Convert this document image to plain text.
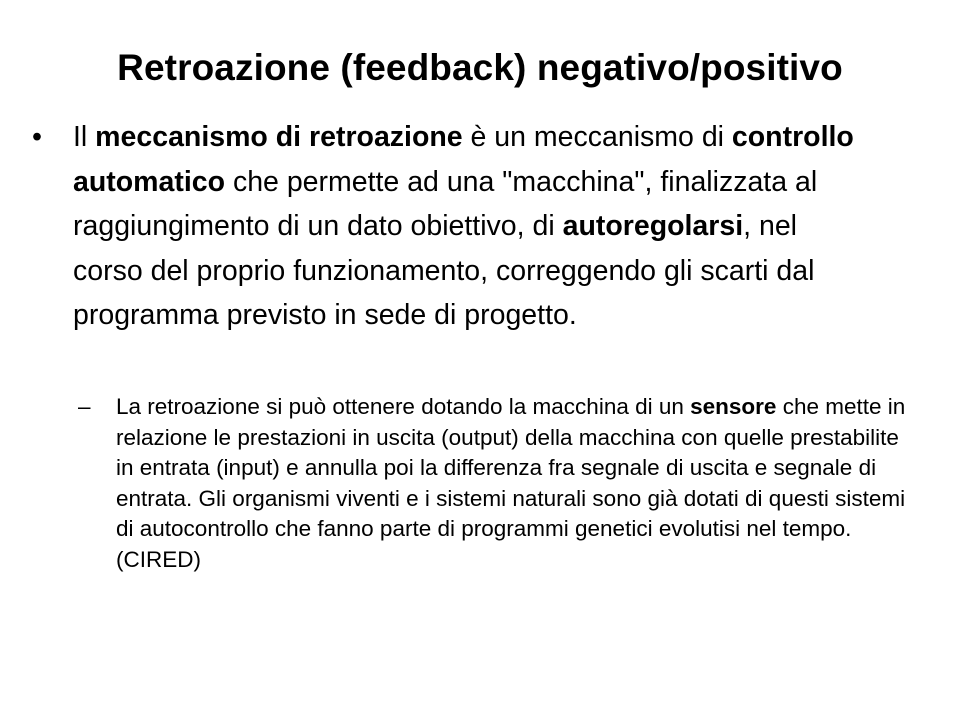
Retroazione (feedback) negativo/positivo
•	Il meccanismo di retroazione è un meccanismo di controllo automatico che permette ad una "macchina", finalizzata al raggiungimento di un dato obiettivo, di autoregolarsi, nel corso del proprio funzionamento, correggendo gli scarti dal programma previsto in sede di progetto.
–	La retroazione si può ottenere dotando la macchina di un sensore che mette in relazione le prestazioni in uscita (output) della macchina con quelle prestabilite in entrata (input) e annulla poi la differenza fra segnale di uscita e segnale di entrata. Gli organismi viventi e i sistemi naturali sono già dotati di questi sistemi di autocontrollo che fanno parte di programmi genetici evolutisi nel tempo. (CIRED)
